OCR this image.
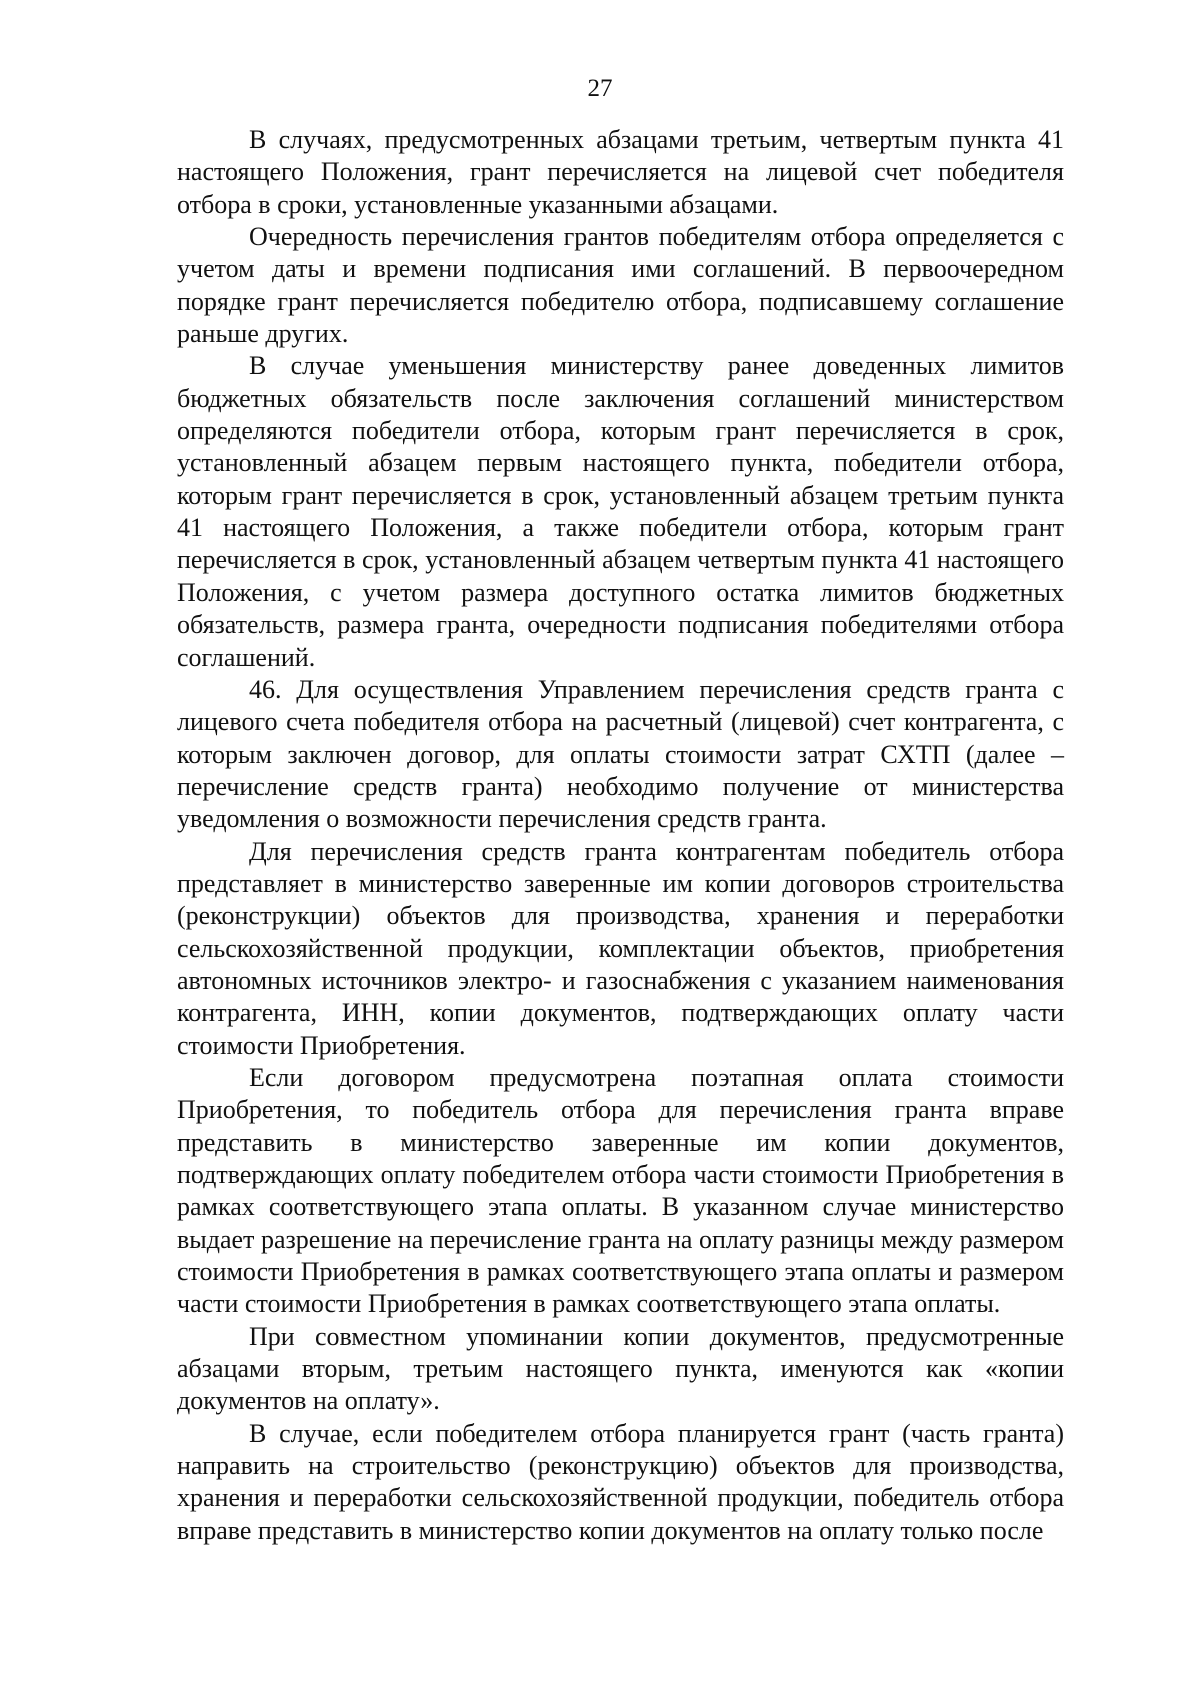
27

В случаях, предусмотренных абзацами третьим, четвертым пункта 41 настоящего Положения, грант перечисляется на лицевой счет победителя отбора в сроки, установленные указанными абзацами.

Очередность перечисления грантов победителям отбора определяется с учетом даты и времени подписания ими соглашений. В первоочередном порядке грант перечисляется победителю отбора, подписавшему соглашение раньше других.

В случае уменьшения министерству ранее доведенных лимитов бюджетных обязательств после заключения соглашений министерством определяются победители отбора, которым грант перечисляется в срок, установленный абзацем первым настоящего пункта, победители отбора, которым грант перечисляется в срок, установленный абзацем третьим пункта 41 настоящего Положения, а также победители отбора, которым грант перечисляется в срок, установленный абзацем четвертым пункта 41 настоящего Положения, с учетом размера доступного остатка лимитов бюджетных обязательств, размера гранта, очередности подписания победителями отбора соглашений.

46. Для осуществления Управлением перечисления средств гранта с лицевого счета победителя отбора на расчетный (лицевой) счет контрагента, с которым заключен договор, для оплаты стоимости затрат СХТП (далее – перечисление средств гранта) необходимо получение от министерства уведомления о возможности перечисления средств гранта.

Для перечисления средств гранта контрагентам победитель отбора представляет в министерство заверенные им копии договоров строительства (реконструкции) объектов для производства, хранения и переработки сельскохозяйственной продукции, комплектации объектов, приобретения автономных источников электро- и газоснабжения с указанием наименования контрагента, ИНН, копии документов, подтверждающих оплату части стоимости Приобретения.

Если договором предусмотрена поэтапная оплата стоимости Приобретения, то победитель отбора для перечисления гранта вправе представить в министерство заверенные им копии документов, подтверждающих оплату победителем отбора части стоимости Приобретения в рамках соответствующего этапа оплаты. В указанном случае министерство выдает разрешение на перечисление гранта на оплату разницы между размером стоимости Приобретения в рамках соответствующего этапа оплаты и размером части стоимости Приобретения в рамках соответствующего этапа оплаты.

При совместном упоминании копии документов, предусмотренные абзацами вторым, третьим настоящего пункта, именуются как «копии документов на оплату».

В случае, если победителем отбора планируется грант (часть гранта) направить на строительство (реконструкцию) объектов для производства, хранения и переработки сельскохозяйственной продукции, победитель отбора вправе представить в министерство копии документов на оплату только после
